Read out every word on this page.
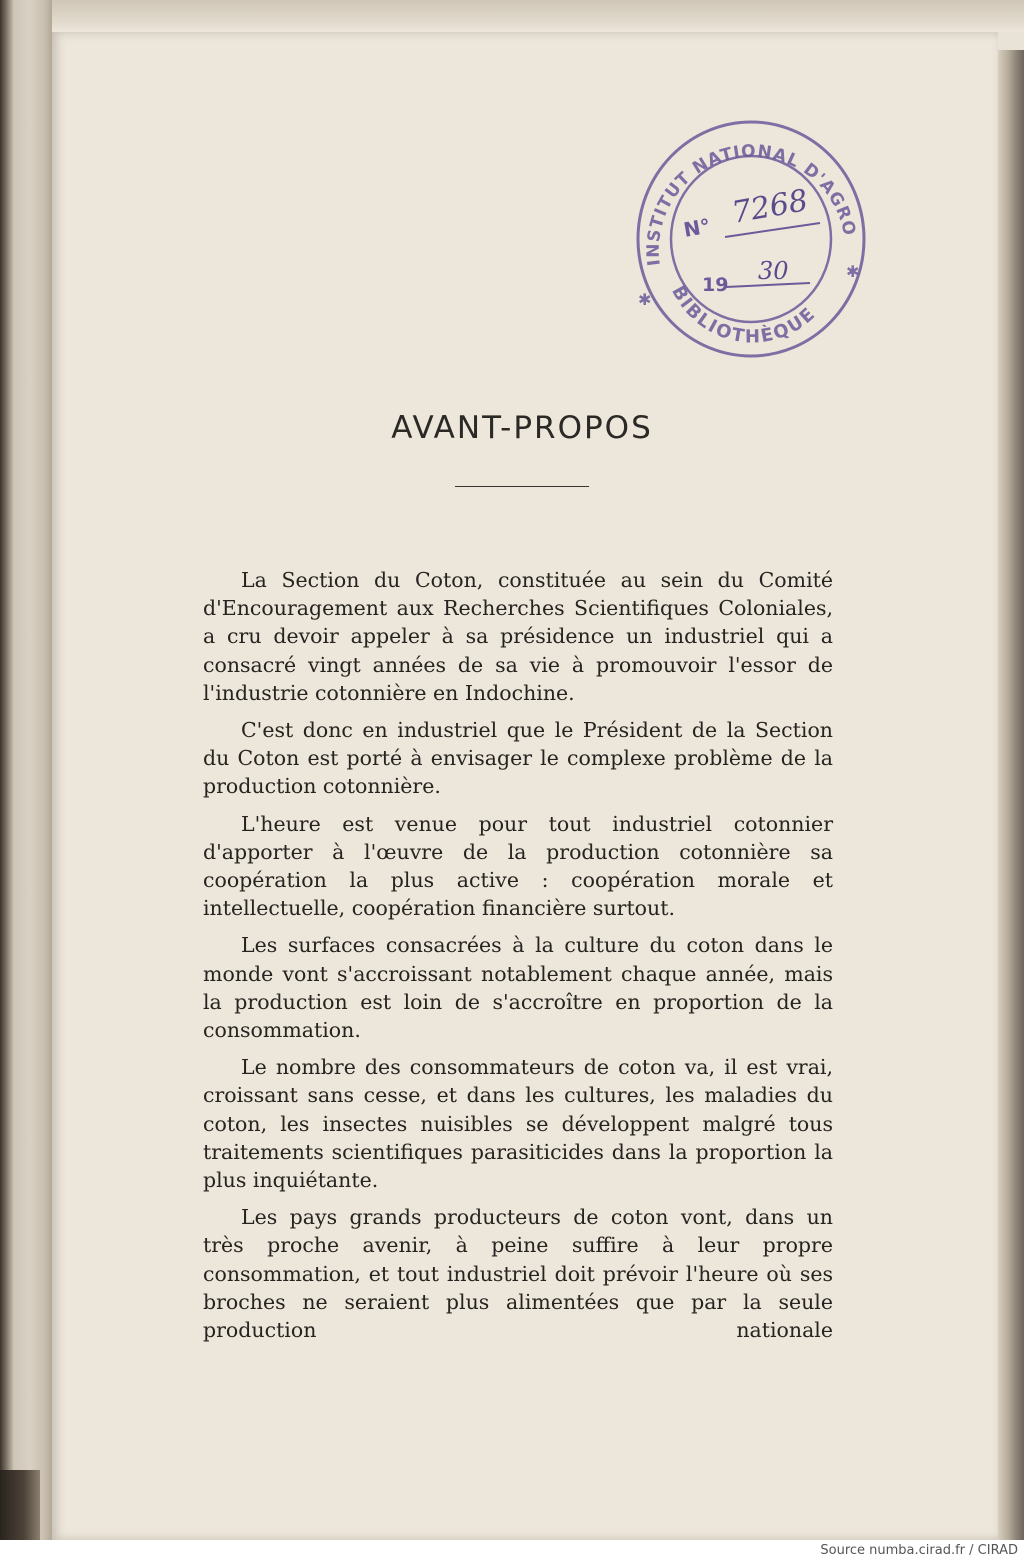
INSTITUT NATIONAL D'AGRO
BIBLIOTHÈQUE
N° 7268
19 30
✱
✱
AVANT-PROPOS

La Section du Coton, constituée au sein du Comité d'Encouragement aux Recherches Scientifiques Coloniales, a cru devoir appeler à sa présidence un industriel qui a consacré vingt années de sa vie à promouvoir l'essor de l'industrie cotonnière en Indochine.

C'est donc en industriel que le Président de la Section du Coton est porté à envisager le complexe problème de la production cotonnière.

L'heure est venue pour tout industriel cotonnier d'apporter à l'œuvre de la production cotonnière sa coopération la plus active : coopération morale et intellectuelle, coopération financière surtout.

Les surfaces consacrées à la culture du coton dans le monde vont s'accroissant notablement chaque année, mais la production est loin de s'accroître en proportion de la consommation.

Le nombre des consommateurs de coton va, il est vrai, croissant sans cesse, et dans les cultures, les maladies du coton, les insectes nuisibles se développent malgré tous traitements scientifiques parasiticides dans la proportion la plus inquiétante.

Les pays grands producteurs de coton vont, dans un très proche avenir, à peine suffire à leur propre consommation, et tout industriel doit prévoir l'heure où ses broches ne seraient plus alimentées que par la seule production nationale

Source numba.cirad.fr / CIRAD
